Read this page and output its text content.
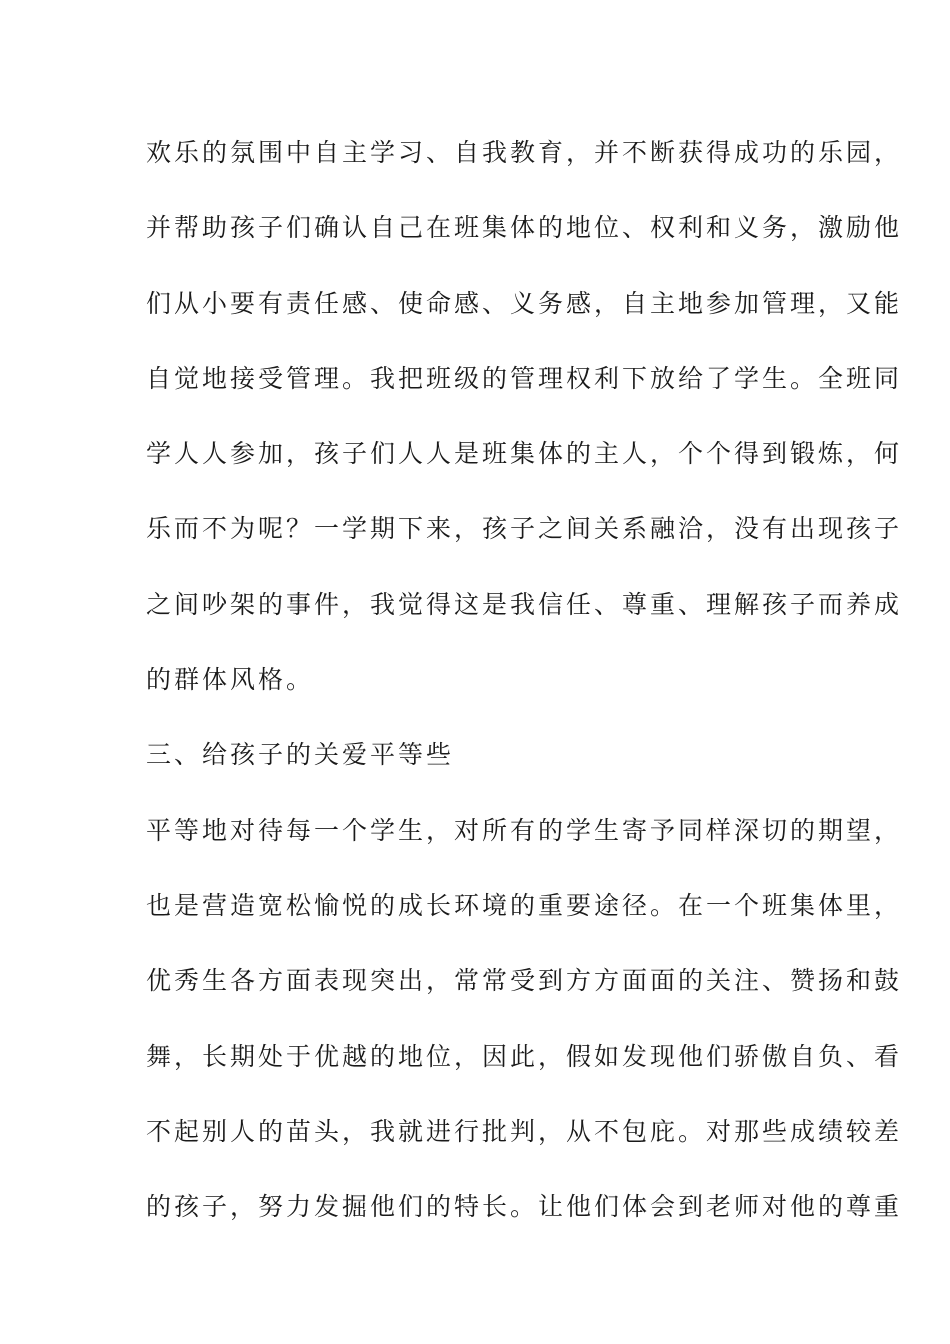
欢乐的氛围中自主学习、自我教育，并不断获得成功的乐园，
并帮助孩子们确认自己在班集体的地位、权利和义务，激励他
们从小要有责任感、使命感、义务感，自主地参加管理，又能
自觉地接受管理。我把班级的管理权利下放给了学生。全班同
学人人参加，孩子们人人是班集体的主人，个个得到锻炼，何
乐而不为呢？一学期下来，孩子之间关系融洽，没有出现孩子
之间吵架的事件，我觉得这是我信任、尊重、理解孩子而养成
的群体风格。
三、给孩子的关爱平等些
平等地对待每一个学生，对所有的学生寄予同样深切的期望，
也是营造宽松愉悦的成长环境的重要途径。在一个班集体里，
优秀生各方面表现突出，常常受到方方面面的关注、赞扬和鼓
舞，长期处于优越的地位，因此，假如发现他们骄傲自负、看
不起别人的苗头，我就进行批判，从不包庇。对那些成绩较差
的孩子，努力发掘他们的特长。让他们体会到老师对他的尊重
